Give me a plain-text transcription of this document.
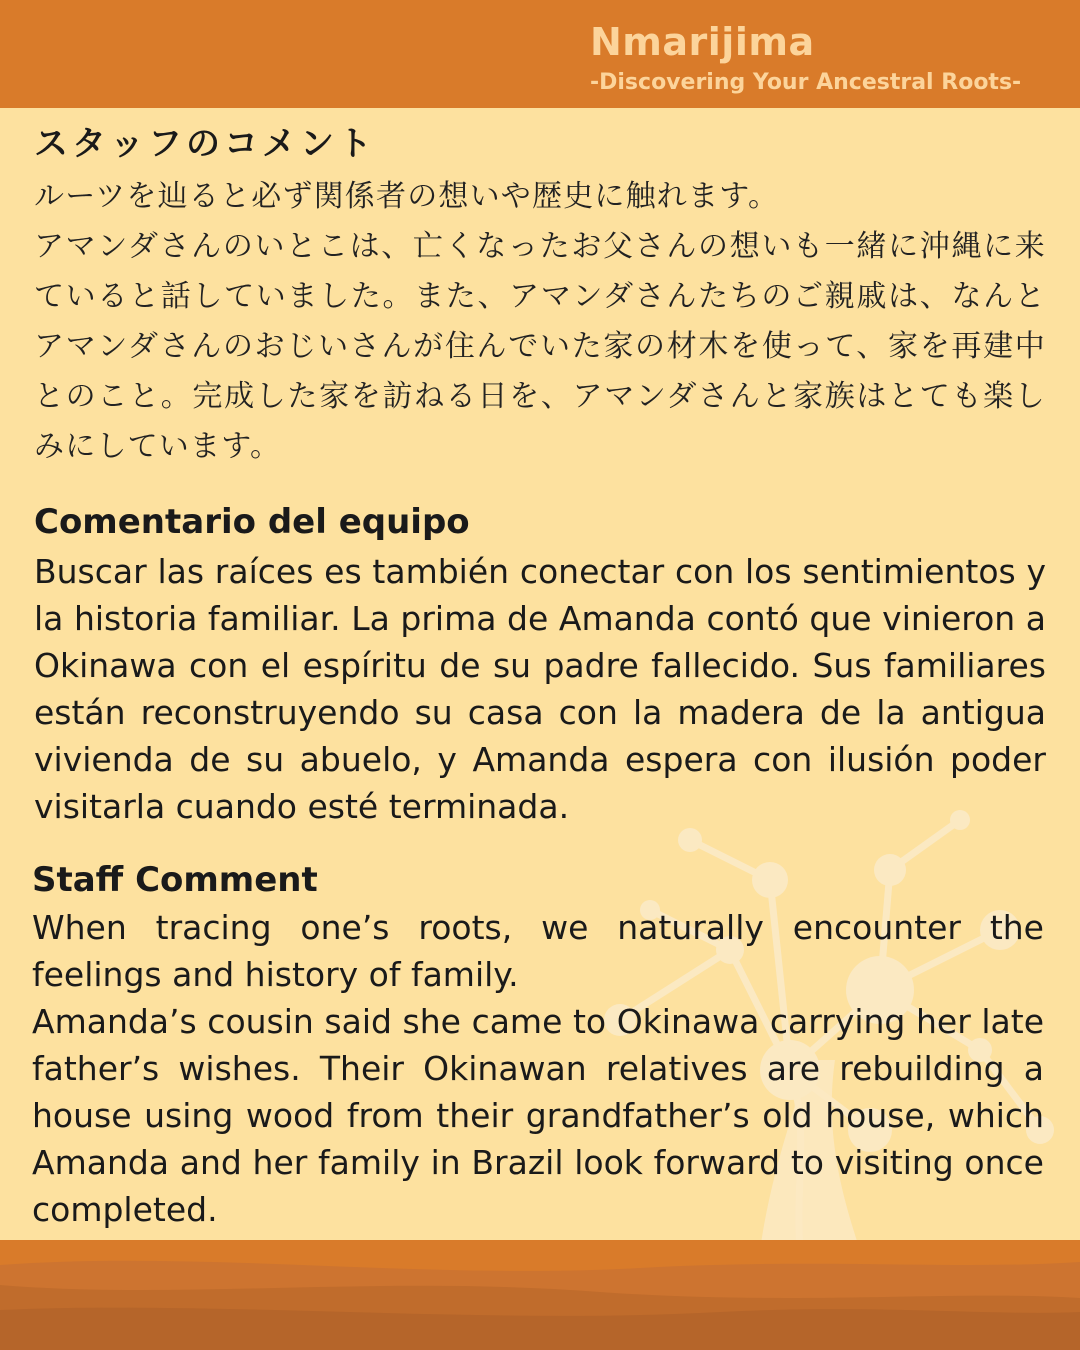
Nmarijima
-Discovering Your Ancestral Roots-

スタッフのコメント

ルーツを辿ると必ず関係者の想いや歴史に触れます。

アマンダさんのいとこは、亡くなったお父さんの想いも一緒に沖縄に来ていると話していました。また、アマンダさんたちのご親戚は、なんとアマンダさんのおじいさんが住んでいた家の材木を使って、家を再建中とのこと。完成した家を訪ねる日を、アマンダさんと家族はとても楽しみにしています。

Comentario del equipo

Buscar las raíces es también conectar con los sentimientos y la historia familiar. La prima de Amanda contó que vinieron a Okinawa con el espíritu de su padre fallecido. Sus familiares están reconstruyendo su casa con la madera de la antigua vivienda de su abuelo, y Amanda espera con ilusión poder visitarla cuando esté terminada.

Staff Comment

When tracing one’s roots, we naturally encounter the feelings and history of family.

Amanda’s cousin said she came to Okinawa carrying her late father’s wishes. Their Okinawan relatives are rebuilding a house using wood from their grandfather’s old house, which Amanda and her family in Brazil look forward to visiting once completed.
